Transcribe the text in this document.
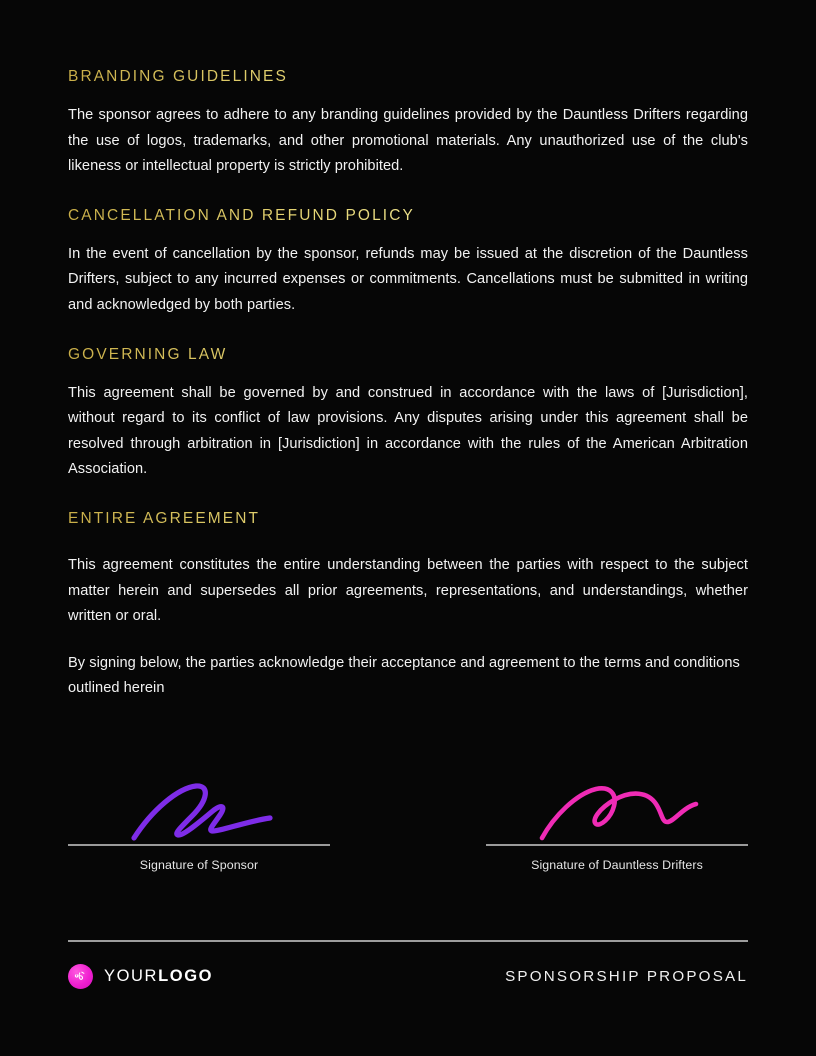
BRANDING GUIDELINES

The sponsor agrees to adhere to any branding guidelines provided by the Dauntless Drifters regarding the use of logos, trademarks, and other promotional materials. Any unauthorized use of the club's likeness or intellectual property is strictly prohibited.

CANCELLATION AND REFUND POLICY

In the event of cancellation by the sponsor, refunds may be issued at the discretion of the Dauntless Drifters, subject to any incurred expenses or commitments. Cancellations must be submitted in writing and acknowledged by both parties.

GOVERNING LAW

This agreement shall be governed by and construed in accordance with the laws of [Jurisdiction], without regard to its conflict of law provisions. Any disputes arising under this agreement shall be resolved through arbitration in [Jurisdiction] in accordance with the rules of the American Arbitration Association.

ENTIRE AGREEMENT

This agreement constitutes the entire understanding between the parties with respect to the subject matter herein and supersedes all prior agreements, representations, and understandings, whether written or oral.

By signing below, the parties acknowledge their acceptance and agreement to the terms and conditions outlined herein

Signature of Sponsor	Signature of Dauntless Drifters
YOURLOGO	SPONSORSHIP PROPOSAL
